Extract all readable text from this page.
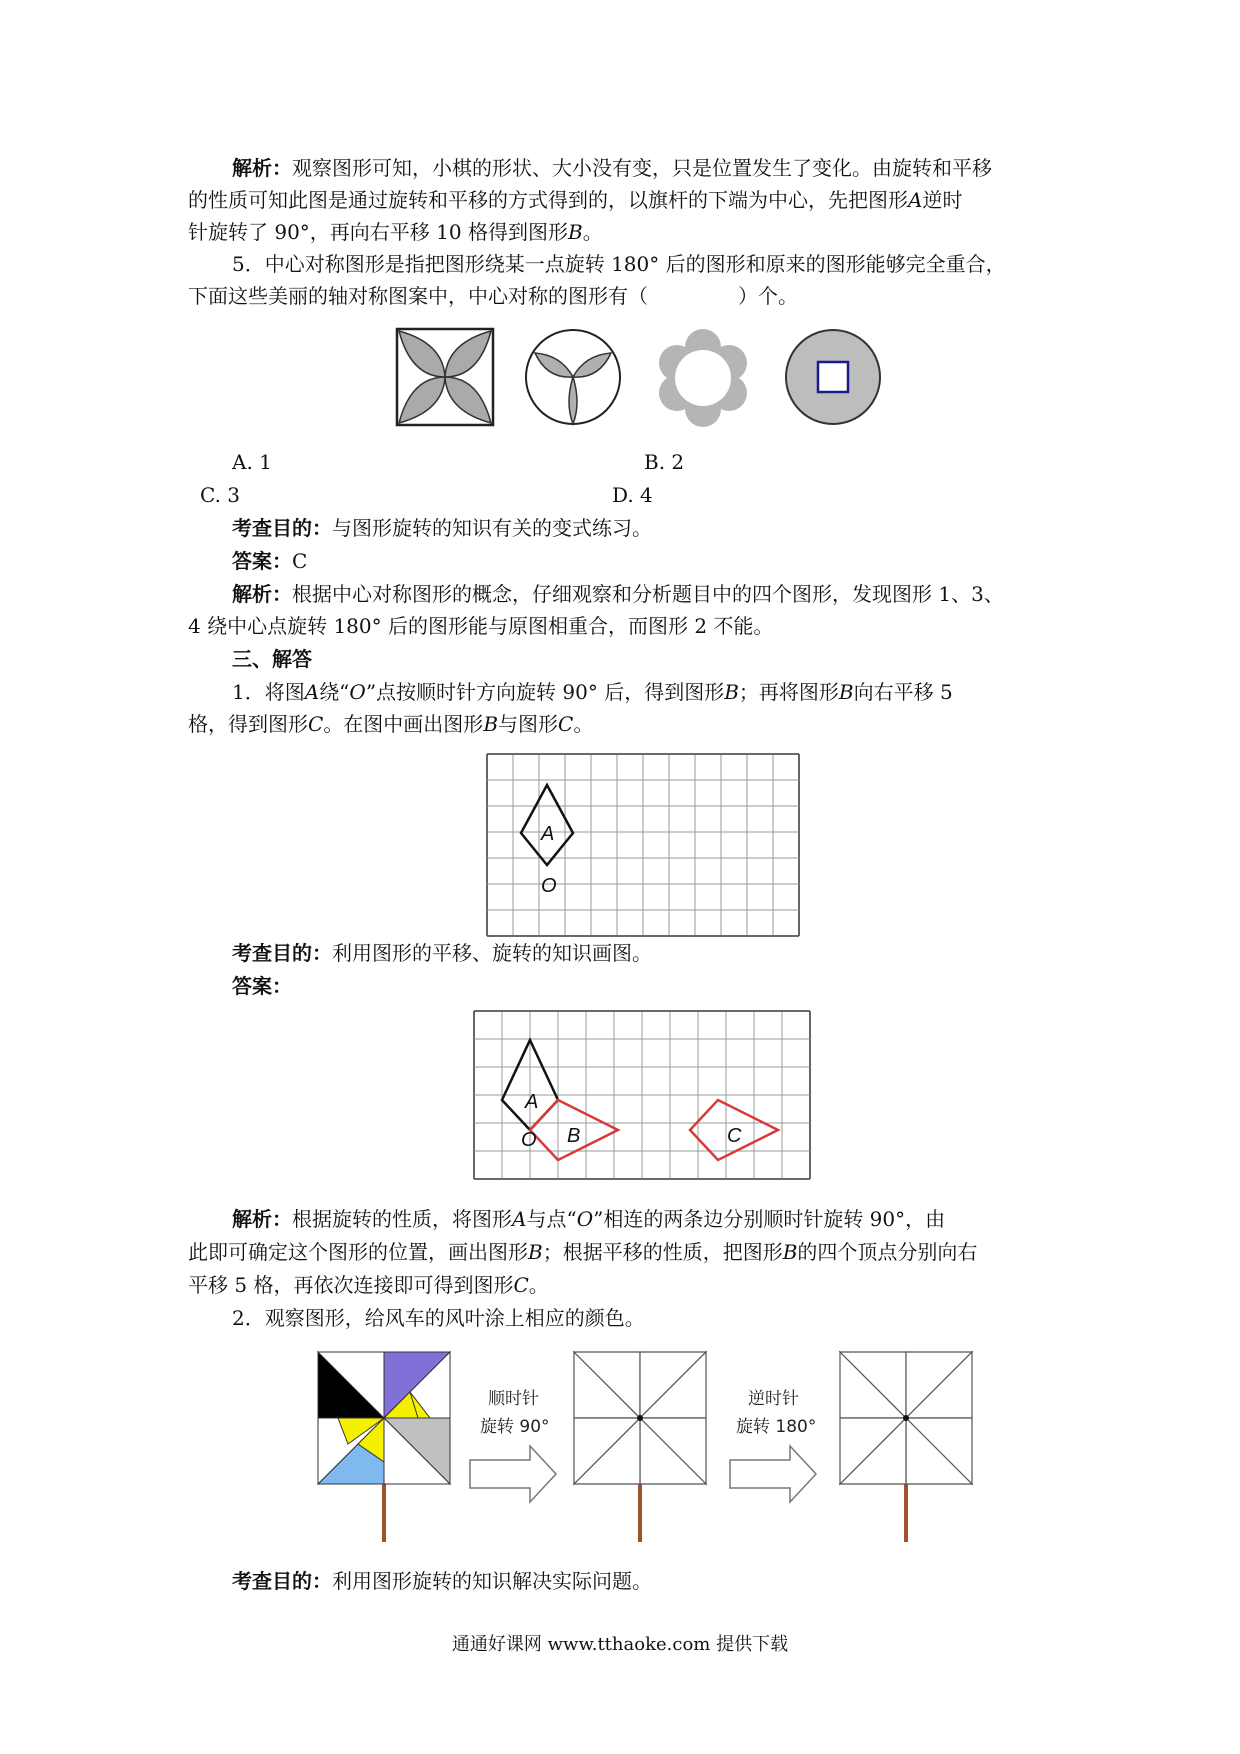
解析：观察图形可知，小棋的形状、大小没有变，只是位置发生了变化。由旋转和平移
的性质可知此图是通过旋转和平移的方式得到的，以旗杆的下端为中心，先把图形A逆时
针旋转了 90°，再向右平移 10 格得到图形B。
5．中心对称图形是指把图形绕某一点旋转 180° 后的图形和原来的图形能够完全重合，
下面这些美丽的轴对称图案中，中心对称的图形有（	）个。
A. 1	B. 2
C. 3	D. 4
考查目的：与图形旋转的知识有关的变式练习。
答案：C
解析：根据中心对称图形的概念，仔细观察和分析题目中的四个图形，发现图形 1、3、
4 绕中心点旋转 180° 后的图形能与原图相重合，而图形 2 不能。
三、解答
1．将图A绕“O”点按顺时针方向旋转 90° 后，得到图形B；再将图形B向右平移 5
格，得到图形C。在图中画出图形B与图形C。
A
O
考查目的：利用图形的平移、旋转的知识画图。
答案：
A
O B	C
解析：根据旋转的性质，将图形A与点“O”相连的两条边分别顺时针旋转 90°，由
此即可确定这个图形的位置，画出图形B；根据平移的性质，把图形B的四个顶点分别向右
平移 5 格，再依次连接即可得到图形C。
2．观察图形，给风车的风叶涂上相应的颜色。
顺时针
旋转 90°
逆时针
旋转 180°
考查目的：利用图形旋转的知识解决实际问题。
通通好课网 www.tthaoke.com 提供下载
